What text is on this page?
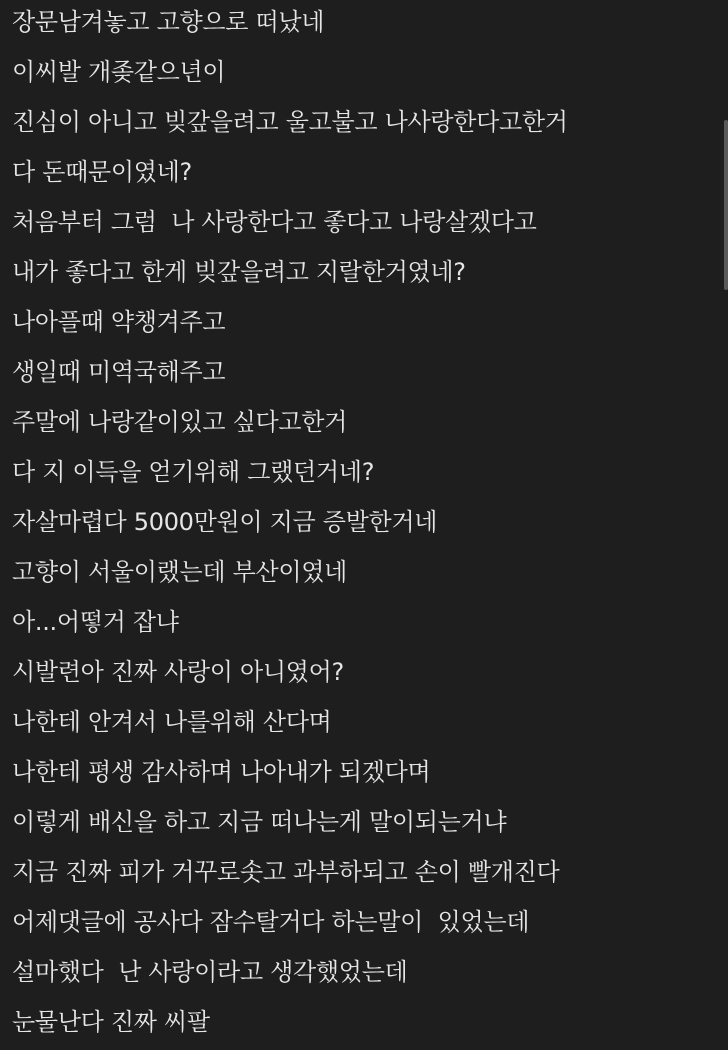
장문남겨놓고 고향으로 떠났네
이씨발 개좆같으년이
진심이 아니고 빚갚을려고 울고불고 나사랑한다고한거
다 돈때문이였네?
처음부터 그럼  나 사랑한다고 좋다고 나랑살겠다고
내가 좋다고 한게 빚갚을려고 지랄한거였네?
나아플때 약챙겨주고
생일때 미역국해주고
주말에 나랑같이있고 싶다고한거
다 지 이득을 얻기위해 그랬던거네?
자살마렵다 5000만원이 지금 증발한거네
고향이 서울이랬는데 부산이였네
아...어떻거 잡냐
시발련아 진짜 사랑이 아니였어?
나한테 안겨서 나를위해 산다며
나한테 평생 감사하며 나아내가 되겠다며
이렇게 배신을 하고 지금 떠나는게 말이되는거냐
지금 진짜 피가 거꾸로솟고 과부하되고 손이 빨개진다
어제댓글에 공사다 잠수탈거다 하는말이  있었는데
설마했다  난 사랑이라고 생각했었는데
눈물난다 진짜 씨팔
